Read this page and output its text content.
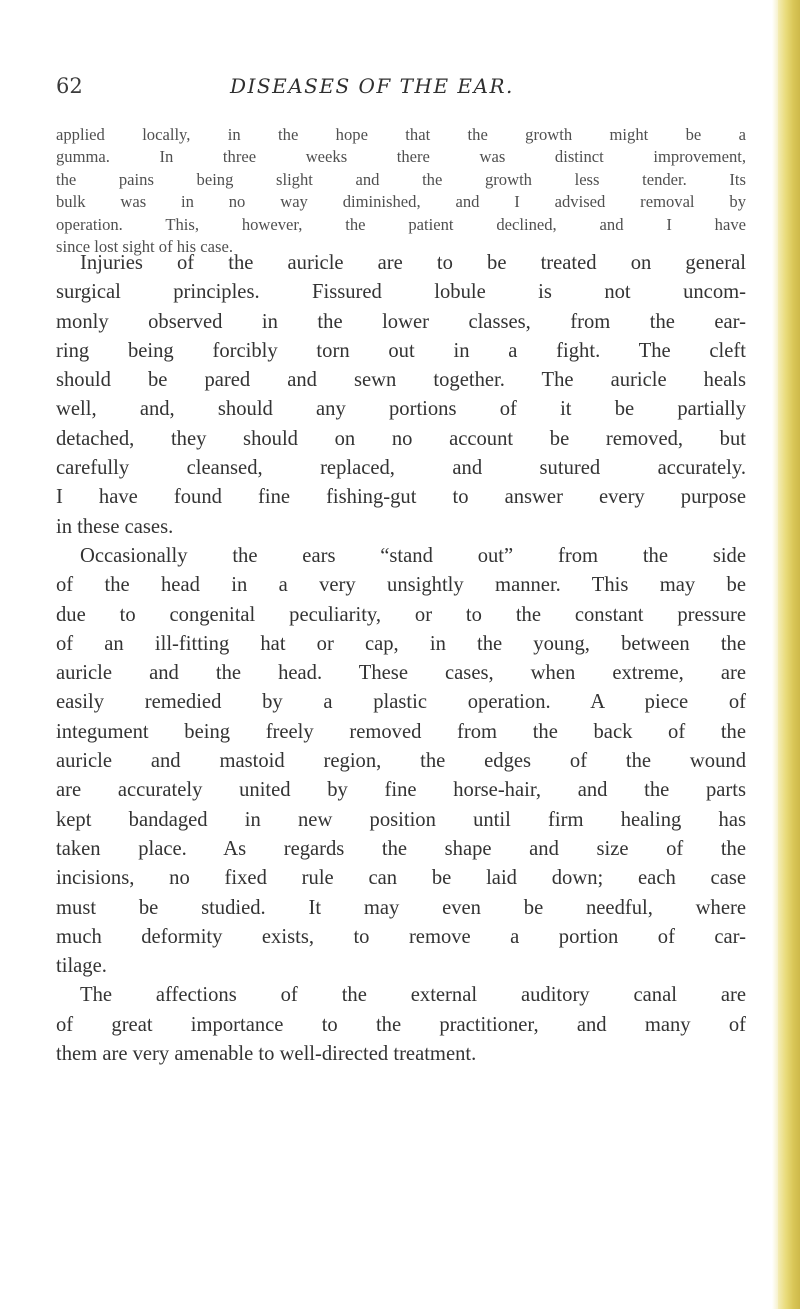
62	DISEASES OF THE EAR.
applied locally, in the hope that the growth might be a
gumma. In three weeks there was distinct improvement,
the pains being slight and the growth less tender. Its
bulk was in no way diminished, and I advised removal by
operation. This, however, the patient declined, and I have
since lost sight of his case.
Injuries of the auricle are to be treated on general
surgical principles. Fissured lobule is not uncom-
monly observed in the lower classes, from the ear-
ring being forcibly torn out in a fight. The cleft
should be pared and sewn together. The auricle heals
well, and, should any portions of it be partially
detached, they should on no account be removed, but
carefully cleansed, replaced, and sutured accurately.
I have found fine fishing-gut to answer every purpose
in these cases.
Occasionally the ears “stand out” from the side
of the head in a very unsightly manner. This may be
due to congenital peculiarity, or to the constant pressure
of an ill-fitting hat or cap, in the young, between the
auricle and the head. These cases, when extreme, are
easily remedied by a plastic operation. A piece of
integument being freely removed from the back of the
auricle and mastoid region, the edges of the wound
are accurately united by fine horse-hair, and the parts
kept bandaged in new position until firm healing has
taken place. As regards the shape and size of the
incisions, no fixed rule can be laid down; each case
must be studied. It may even be needful, where
much deformity exists, to remove a portion of car-
tilage.
The affections of the external auditory canal are
of great importance to the practitioner, and many of
them are very amenable to well-directed treatment.
